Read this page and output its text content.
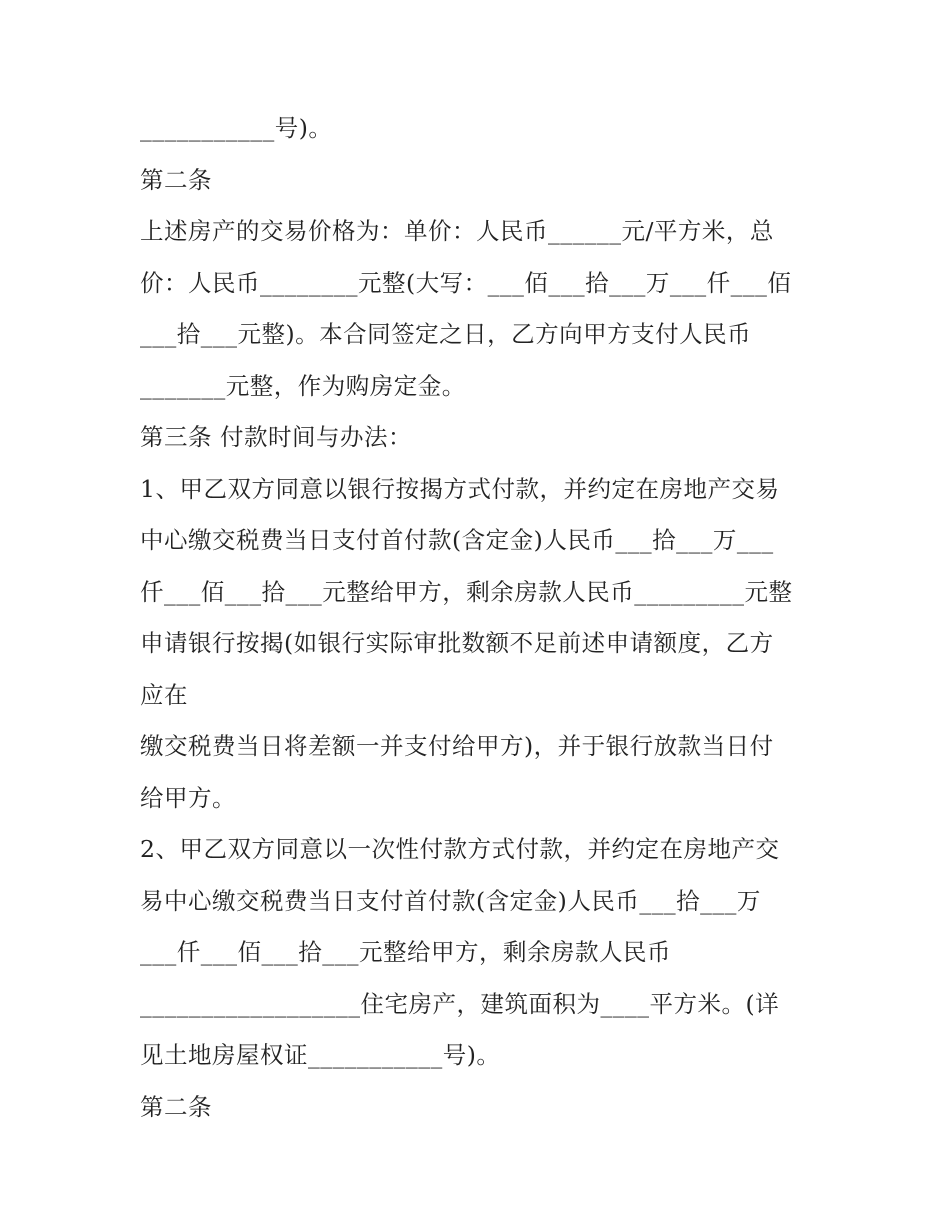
___________号)。
第二条
上述房产的交易价格为：单价：人民币______元/平方米，总
价：人民币________元整(大写：___佰___拾___万___仟___佰
___拾___元整)。本合同签定之日，乙方向甲方支付人民币
_______元整，作为购房定金。
第三条 付款时间与办法：
1、甲乙双方同意以银行按揭方式付款，并约定在房地产交易
中心缴交税费当日支付首付款(含定金)人民币___拾___万___
仟___佰___拾___元整给甲方，剩余房款人民币_________元整
申请银行按揭(如银行实际审批数额不足前述申请额度，乙方
应在
缴交税费当日将差额一并支付给甲方)，并于银行放款当日付
给甲方。
2、甲乙双方同意以一次性付款方式付款，并约定在房地产交
易中心缴交税费当日支付首付款(含定金)人民币___拾___万
___仟___佰___拾___元整给甲方，剩余房款人民币
__________________住宅房产，建筑面积为____平方米。(详
见土地房屋权证___________号)。
第二条
